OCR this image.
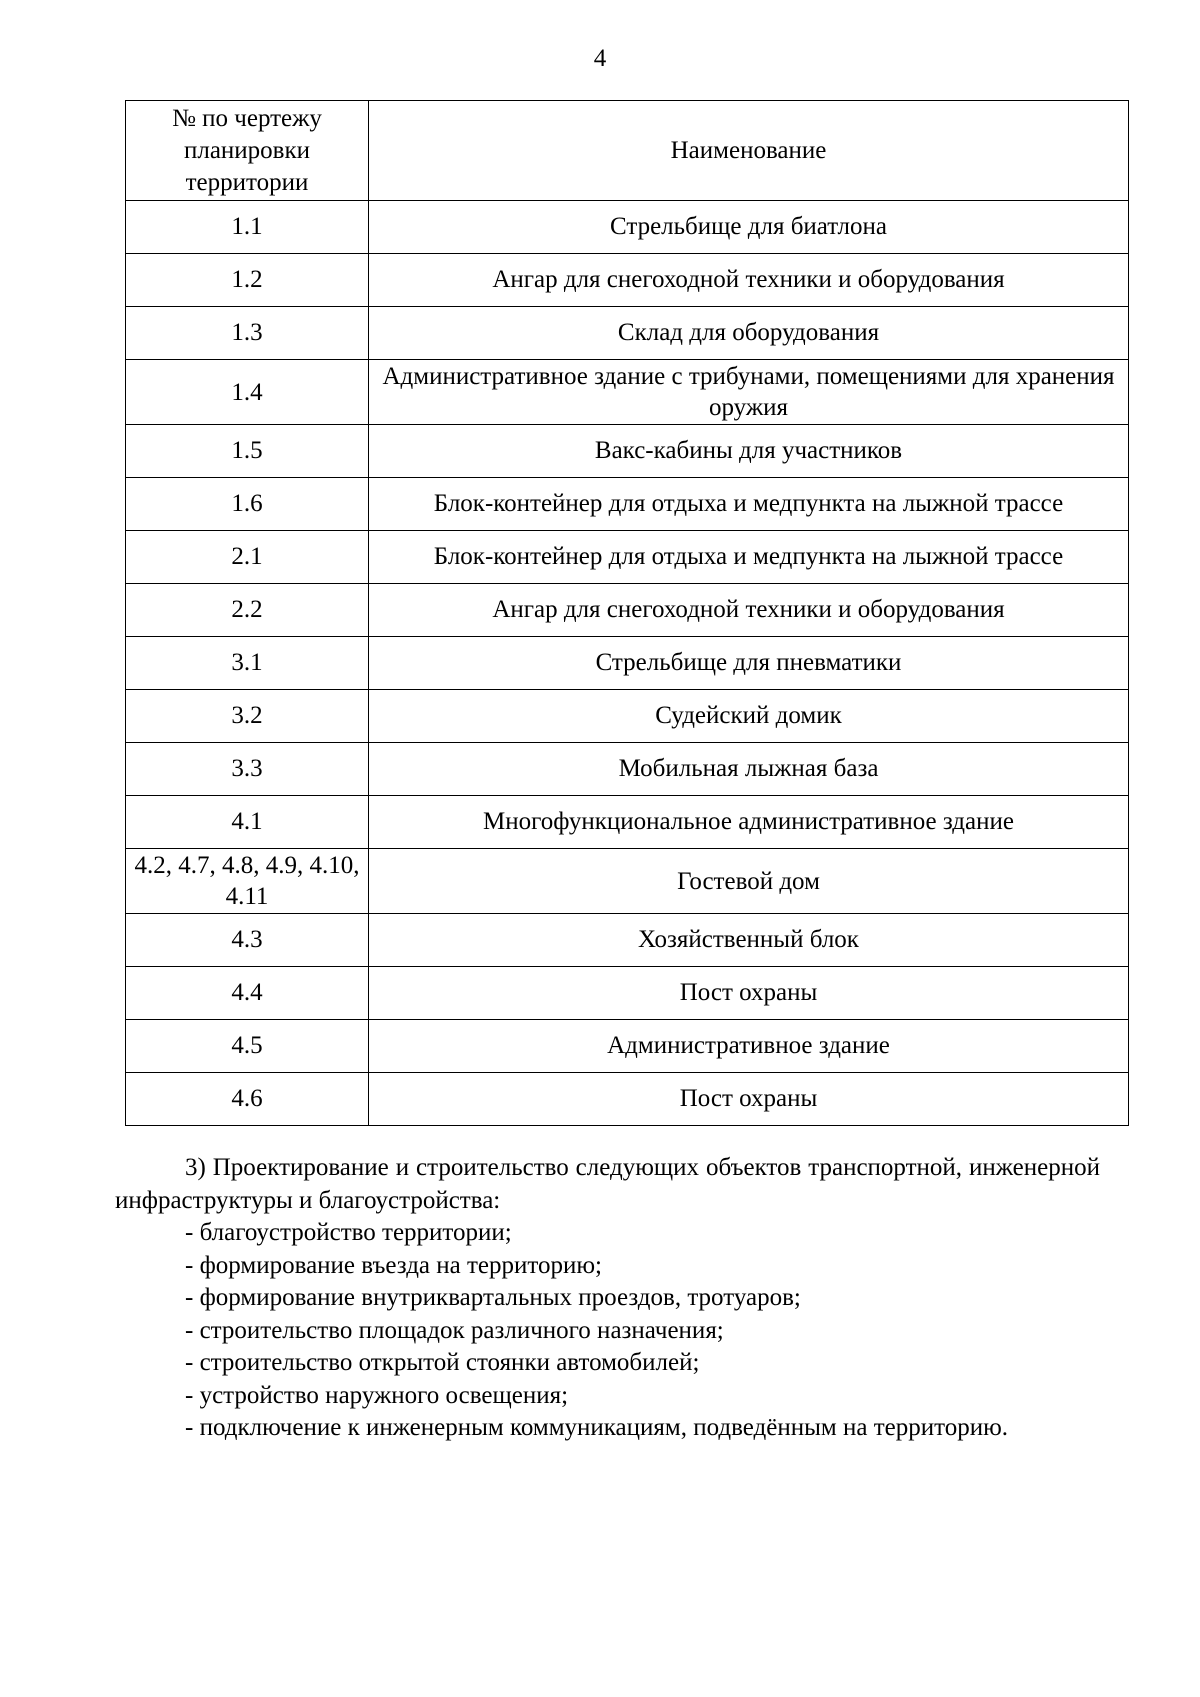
4
№ по чертежу планировки территории	Наименование
1.1	Стрельбище для биатлона
1.2	Ангар для снегоходной техники и оборудования
1.3	Склад для оборудования
1.4	Административное здание с трибунами, помещениями для хранения оружия
1.5	Вакс-кабины для участников
1.6	Блок-контейнер для отдыха и медпункта на лыжной трассе
2.1	Блок-контейнер для отдыха и медпункта на лыжной трассе
2.2	Ангар для снегоходной техники и оборудования
3.1	Стрельбище для пневматики
3.2	Судейский домик
3.3	Мобильная лыжная база
4.1	Многофункциональное административное здание
4.2, 4.7, 4.8, 4.9, 4.10, 4.11	Гостевой дом
4.3	Хозяйственный блок
4.4	Пост охраны
4.5	Административное здание
4.6	Пост охраны

3) Проектирование и строительство следующих объектов транспортной, инженерной инфраструктуры и благоустройства:

- благоустройство территории;

- формирование въезда на территорию;

- формирование внутриквартальных проездов, тротуаров;

- строительство площадок различного назначения;

- строительство открытой стоянки автомобилей;

- устройство наружного освещения;

- подключение к инженерным коммуникациям, подведённым на территорию.
